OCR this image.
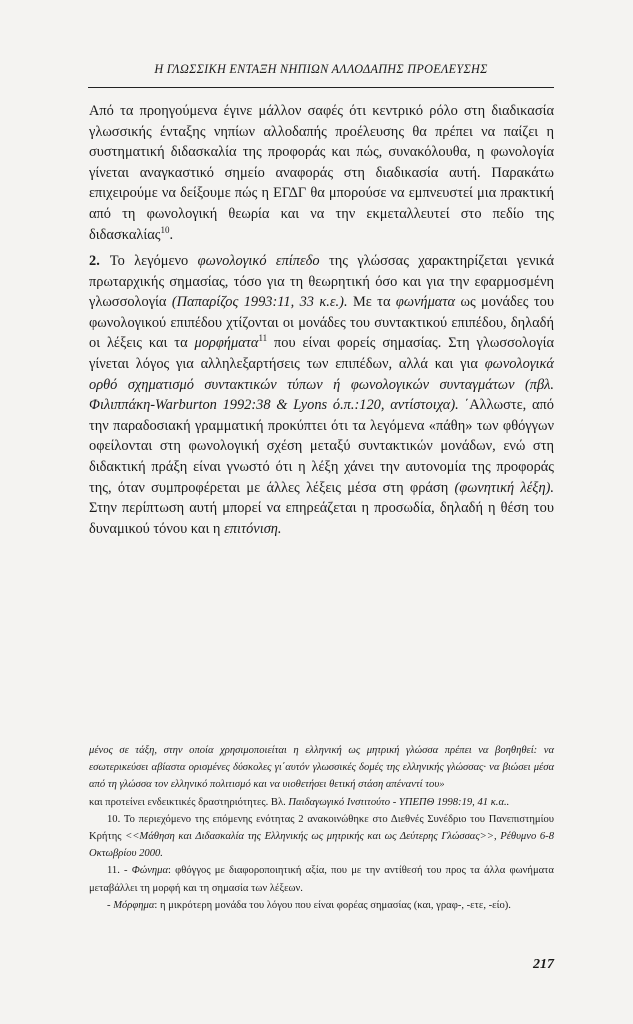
Η ΓΛΩΣΣΙΚΗ ΕΝΤΑΞΗ ΝΗΠΙΩΝ ΑΛΛΟΔΑΠΗΣ ΠΡΟΕΛΕΥΣΗΣ
Από τα προηγούμενα έγινε μάλλον σαφές ότι κεντρικό ρόλο στη διαδικασία γλωσσικής ένταξης νηπίων αλλοδαπής προέλευσης θα πρέπει να παίζει η συστηματική διδασκαλία της προφοράς και πώς, συνακόλουθα, η φωνολογία γίνεται αναγκαστικό σημείο αναφοράς στη διαδικασία αυτή. Παρακάτω επιχειρούμε να δείξουμε πώς η ΕΓΔΓ θα μπορούσε να εμπνευστεί μια πρακτική από τη φωνολογική θεωρία και να την εκμεταλλευτεί στο πεδίο της διδασκαλίας$^{10}$.
2. Το λεγόμενο φωνολογικό επίπεδο της γλώσσας χαρακτηρίζεται γενικά πρωταρχικής σημασίας, τόσο για τη θεωρητική όσο και για την εφαρμοσμένη γλωσσολογία (Παπαρίζος 1993:11, 33 κ.ε.). Με τα φωνήματα ως μονάδες του φωνολογικού επιπέδου χτίζονται οι μονάδες του συντακτικού επιπέδου, δηλαδή οι λέξεις και τα μορφήματα$^{11}$ που είναι φορείς σημασίας. Στη γλωσσολογία γίνεται λόγος για αλληλεξαρτήσεις των επιπέδων, αλλά και για φωνολογικά ορθό σχηματισμό συντακτικών τύπων ή φωνολογικών συνταγμάτων (πβλ. Φιλιππάκη-Warburton 1992:38 & Lyons ό.π.:120, αντίστοιχα). ΄Αλλωστε, από την παραδοσιακή γραμματική προκύπτει ότι τα λεγόμενα «πάθη» των φθόγγων οφείλονται στη φωνολογική σχέση μεταξύ συντακτικών μονάδων, ενώ στη διδακτική πράξη είναι γνωστό ότι η λέξη χάνει την αυτονομία της προφοράς της, όταν συμπροφέρεται με άλλες λέξεις μέσα στη φράση (φωνητική λέξη). Στην περίπτωση αυτή μπορεί να επηρεάζεται η προσωδία, δηλαδή η θέση του δυναμικού τόνου και η επιτόνιση.
μένος σε τάξη, στην οποία χρησιμοποιείται η ελληνική ως μητρική γλώσσα πρέπει να βοηθηθεί: να εσωτερικεύσει αβίαστα ορισμένες δύσκολες γι΄αυτόν γλωσσικές δομές της ελληνικής γλώσσας· να βιώσει μέσα από τη γλώσσα τον ελληνικό πολιτισμό και να υιοθετήσει θετική στάση απέναντί του»
και προτείνει ενδεικτικές δραστηριότητες. Βλ. Παιδαγωγικό Ινστιτούτο - ΥΠΕΠΘ 1998:19, 41 κ.α..
10. Το περιεχόμενο της επόμενης ενότητας 2 ανακοινώθηκε στο Διεθνές Συνέδριο του Πανεπιστημίου Κρήτης <<Μάθηση και Διδασκαλία της Ελληνικής ως μητρικής και ως Δεύτερης Γλώσσας>>, Ρέθυμνο 6-8 Οκτωβρίου 2000.
11. - Φώνημα: φθόγγος με διαφοροποιητική αξία, που με την αντίθεσή του προς τα άλλα φωνήματα μεταβάλλει τη μορφή και τη σημασία των λέξεων.
- Μόρφημα: η μικρότερη μονάδα του λόγου που είναι φορέας σημασίας (και, γραφ-, -ετε, -είο).
217
